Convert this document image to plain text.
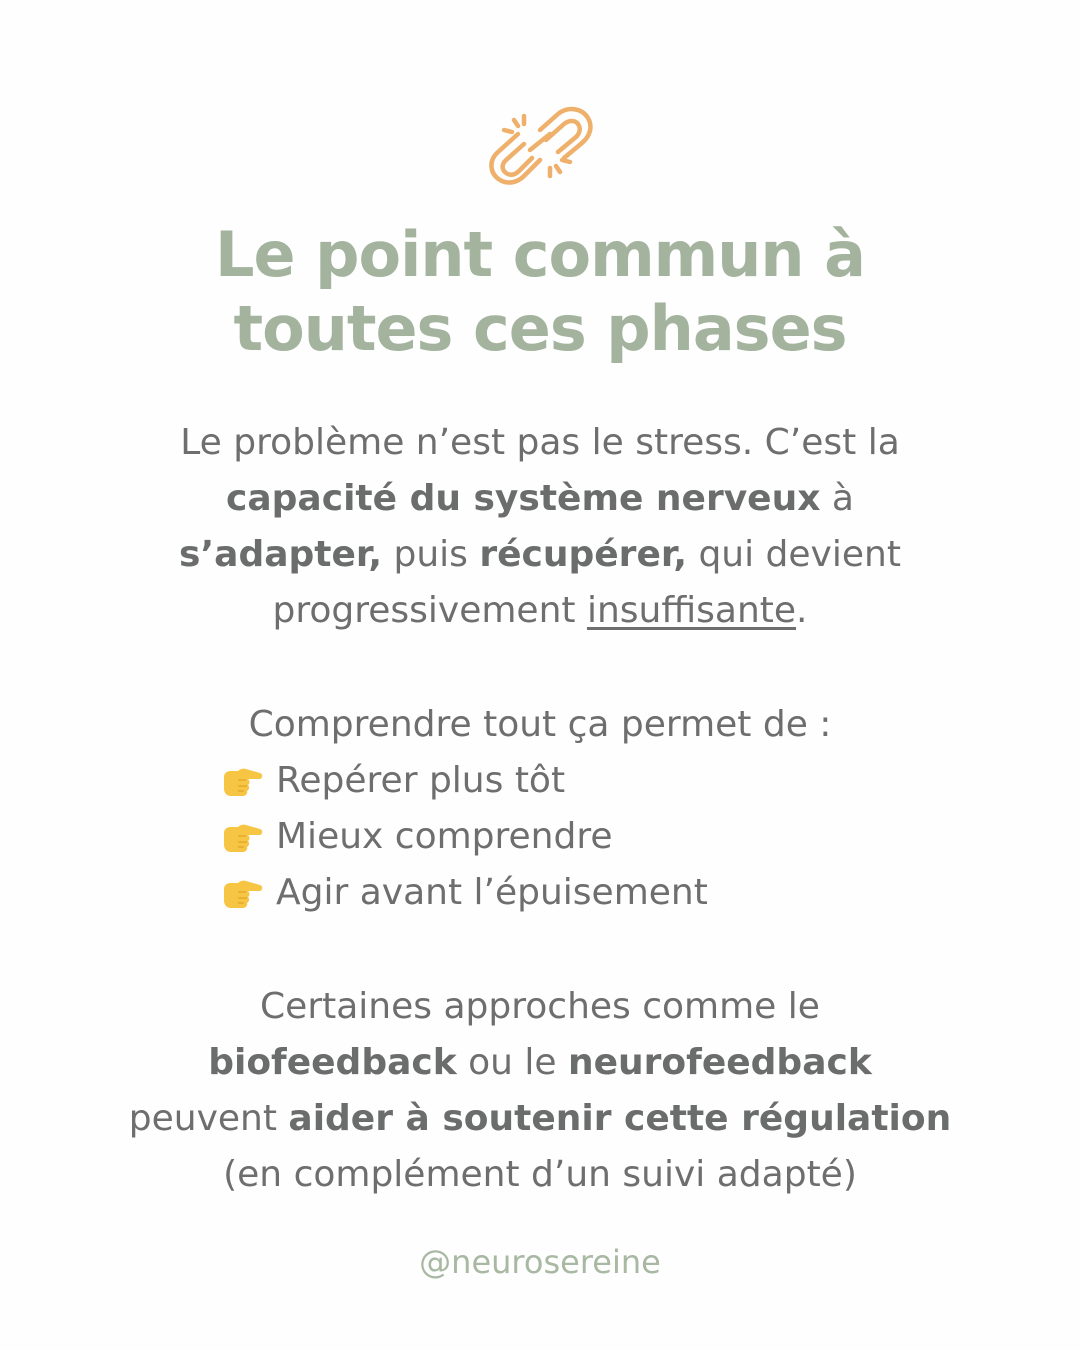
Le point commun à
toutes ces phases
Le problème n’est pas le stress. C’est la
capacité du système nerveux à
s’adapter, puis récupérer, qui devient
progressivement insuffisante.
Comprendre tout ça permet de :
Repérer plus tôt
Mieux comprendre
Agir avant l’épuisement
Certaines approches comme le
biofeedback ou le neurofeedback
peuvent aider à soutenir cette régulation
(en complément d’un suivi adapté)
@neurosereine
